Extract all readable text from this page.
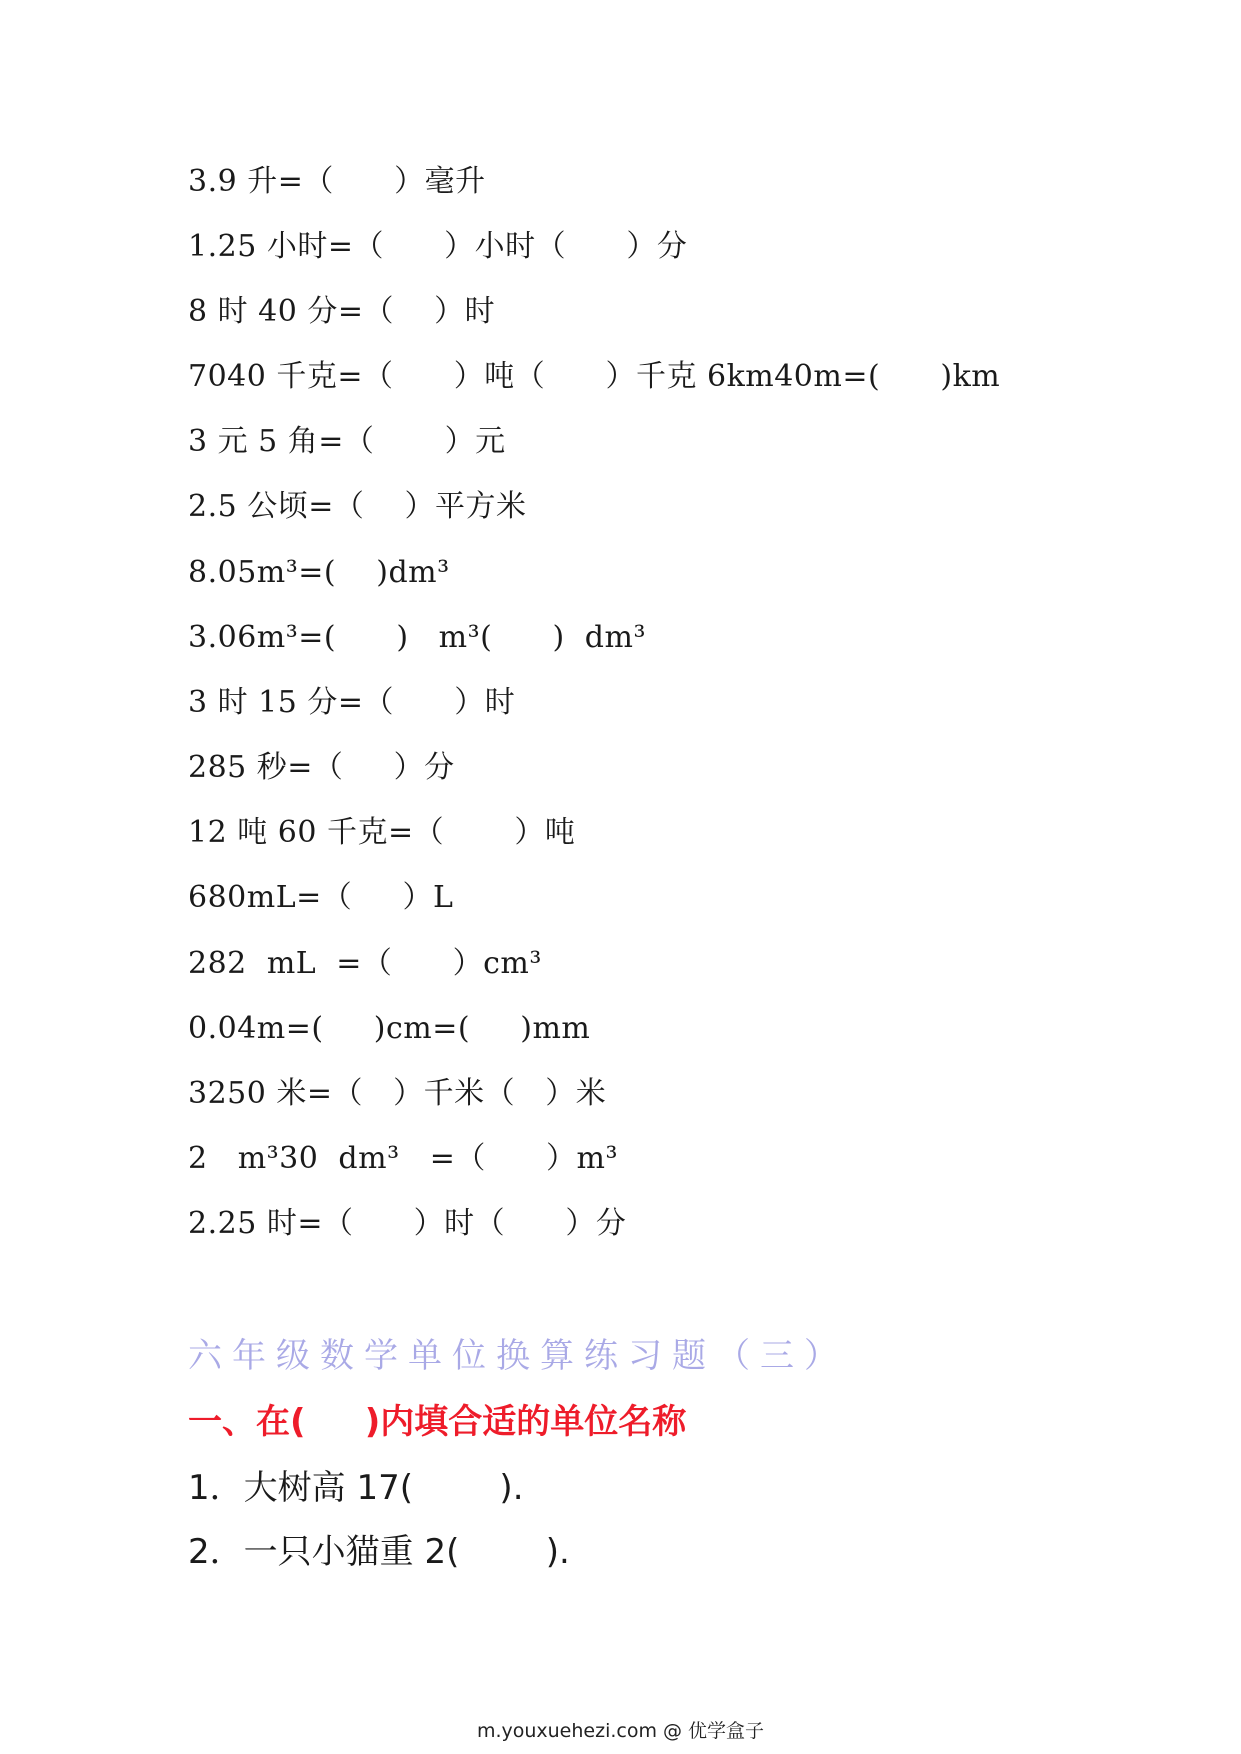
3.9 升=（      ）毫升
1.25 小时=（      ）小时（      ）分
8 时 40 分=（    ）时
7040 千克=（      ）吨（      ）千克 6km40m=(      )km
3 元 5 角=（       ）元
2.5 公顷=（    ）平方米
8.05m³=(    )dm³
3.06m³=(      )   m³(      )  dm³
3 时 15 分=（      ）时
285 秒=（     ）分
12 吨 60 千克=（       ）吨
680mL=（     ）L
282  mL  =（      ）cm³
0.04m=(     )cm=(     )mm
3250 米=（   ）千米（   ）米
2   m³30  dm³   =（      ）m³
2.25 时=（      ）时（      ）分
六年级数学单位换算练习题（三）
一、在(     )内填合适的单位名称
1．大树高 17(        ).
2．一只小猫重 2(        ).
m.youxuehezi.com @ 优学盒子
